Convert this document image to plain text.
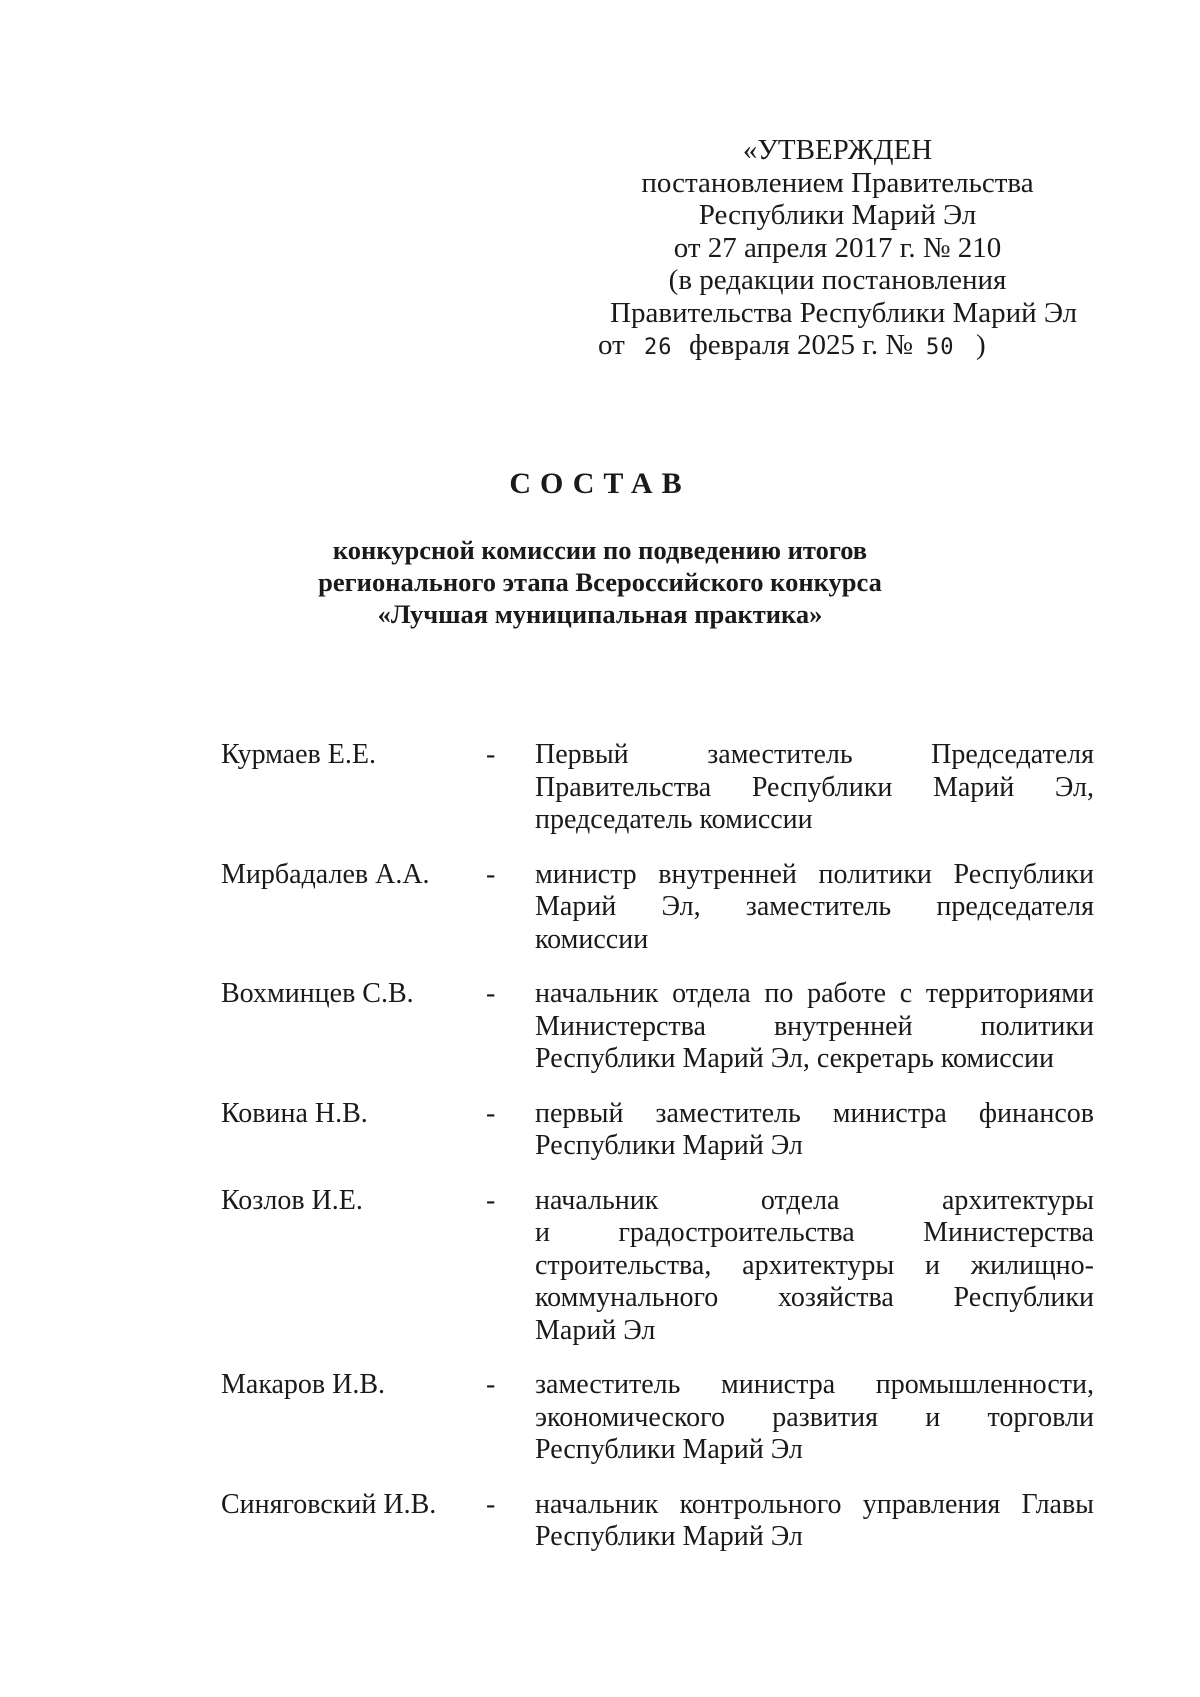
«УТВЕРЖДЕН
постановлением Правительства
Республики Марий Эл
от 27 апреля 2017 г. № 210
(в редакции постановления
Правительства Республики Марий Эл
от 26 февраля 2025 г. № 50 )
СОСТАВ
конкурсной комиссии по подведению итогов
регионального этапа Всероссийского конкурса
«Лучшая муниципальная практика»
Курмаев Е.Е.	- Первый заместитель Председателя
Правительства Республики Марий Эл,
председатель комиссии
Мирбадалев А.А. - министр внутренней политики Республики
Марий Эл, заместитель председателя
комиссии
Вохминцев С.В.	- начальник отдела по работе с территориями
Министерства внутренней политики
Республики Марий Эл, секретарь комиссии
Ковина Н.В.	- первый заместитель министра финансов
Республики Марий Эл
Козлов И.Е.	- начальник отдела архитектуры
и градостроительства Министерства
строительства, архитектуры и жилищно-
коммунального хозяйства Республики
Марий Эл
Макаров И.В.	- заместитель министра промышленности,
экономического развития и торговли
Республики Марий Эл
Синяговский И.В. - начальник контрольного управления Главы
Республики Марий Эл
